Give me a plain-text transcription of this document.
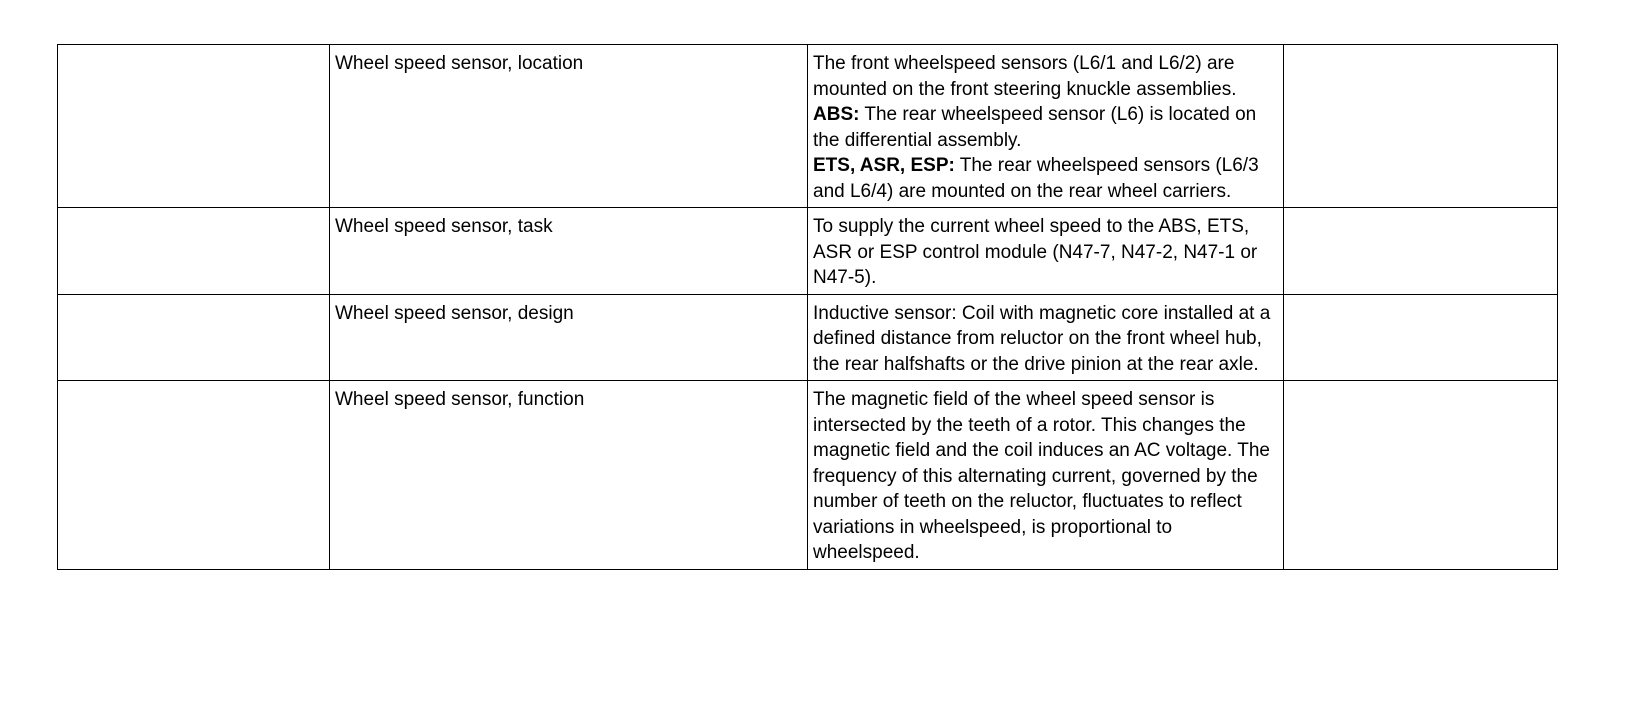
	Wheel speed sensor, location	The front wheelspeed sensors (L6/1 and L6/2) are mounted on the front steering knuckle assemblies.
ABS: The rear wheelspeed sensor (L6) is located on the differential assembly.
ETS, ASR, ESP: The rear wheelspeed sensors (L6/3 and L6/4) are mounted on the rear wheel carriers.	

	Wheel speed sensor, task	To supply the current wheel speed to the ABS, ETS, ASR or ESP control module (N47-7, N47-2, N47-1 or N47-5).	

	Wheel speed sensor, design	Inductive sensor: Coil with magnetic core installed at a defined distance from reluctor on the front wheel hub, the rear halfshafts or the drive pinion at the rear axle.	

	Wheel speed sensor, function	The magnetic field of the wheel speed sensor is intersected by the teeth of a rotor. This changes the magnetic field and the coil induces an AC voltage. The frequency of this alternating current, governed by the number of teeth on the reluctor, fluctuates to reflect variations in wheelspeed, is proportional to wheelspeed.	
